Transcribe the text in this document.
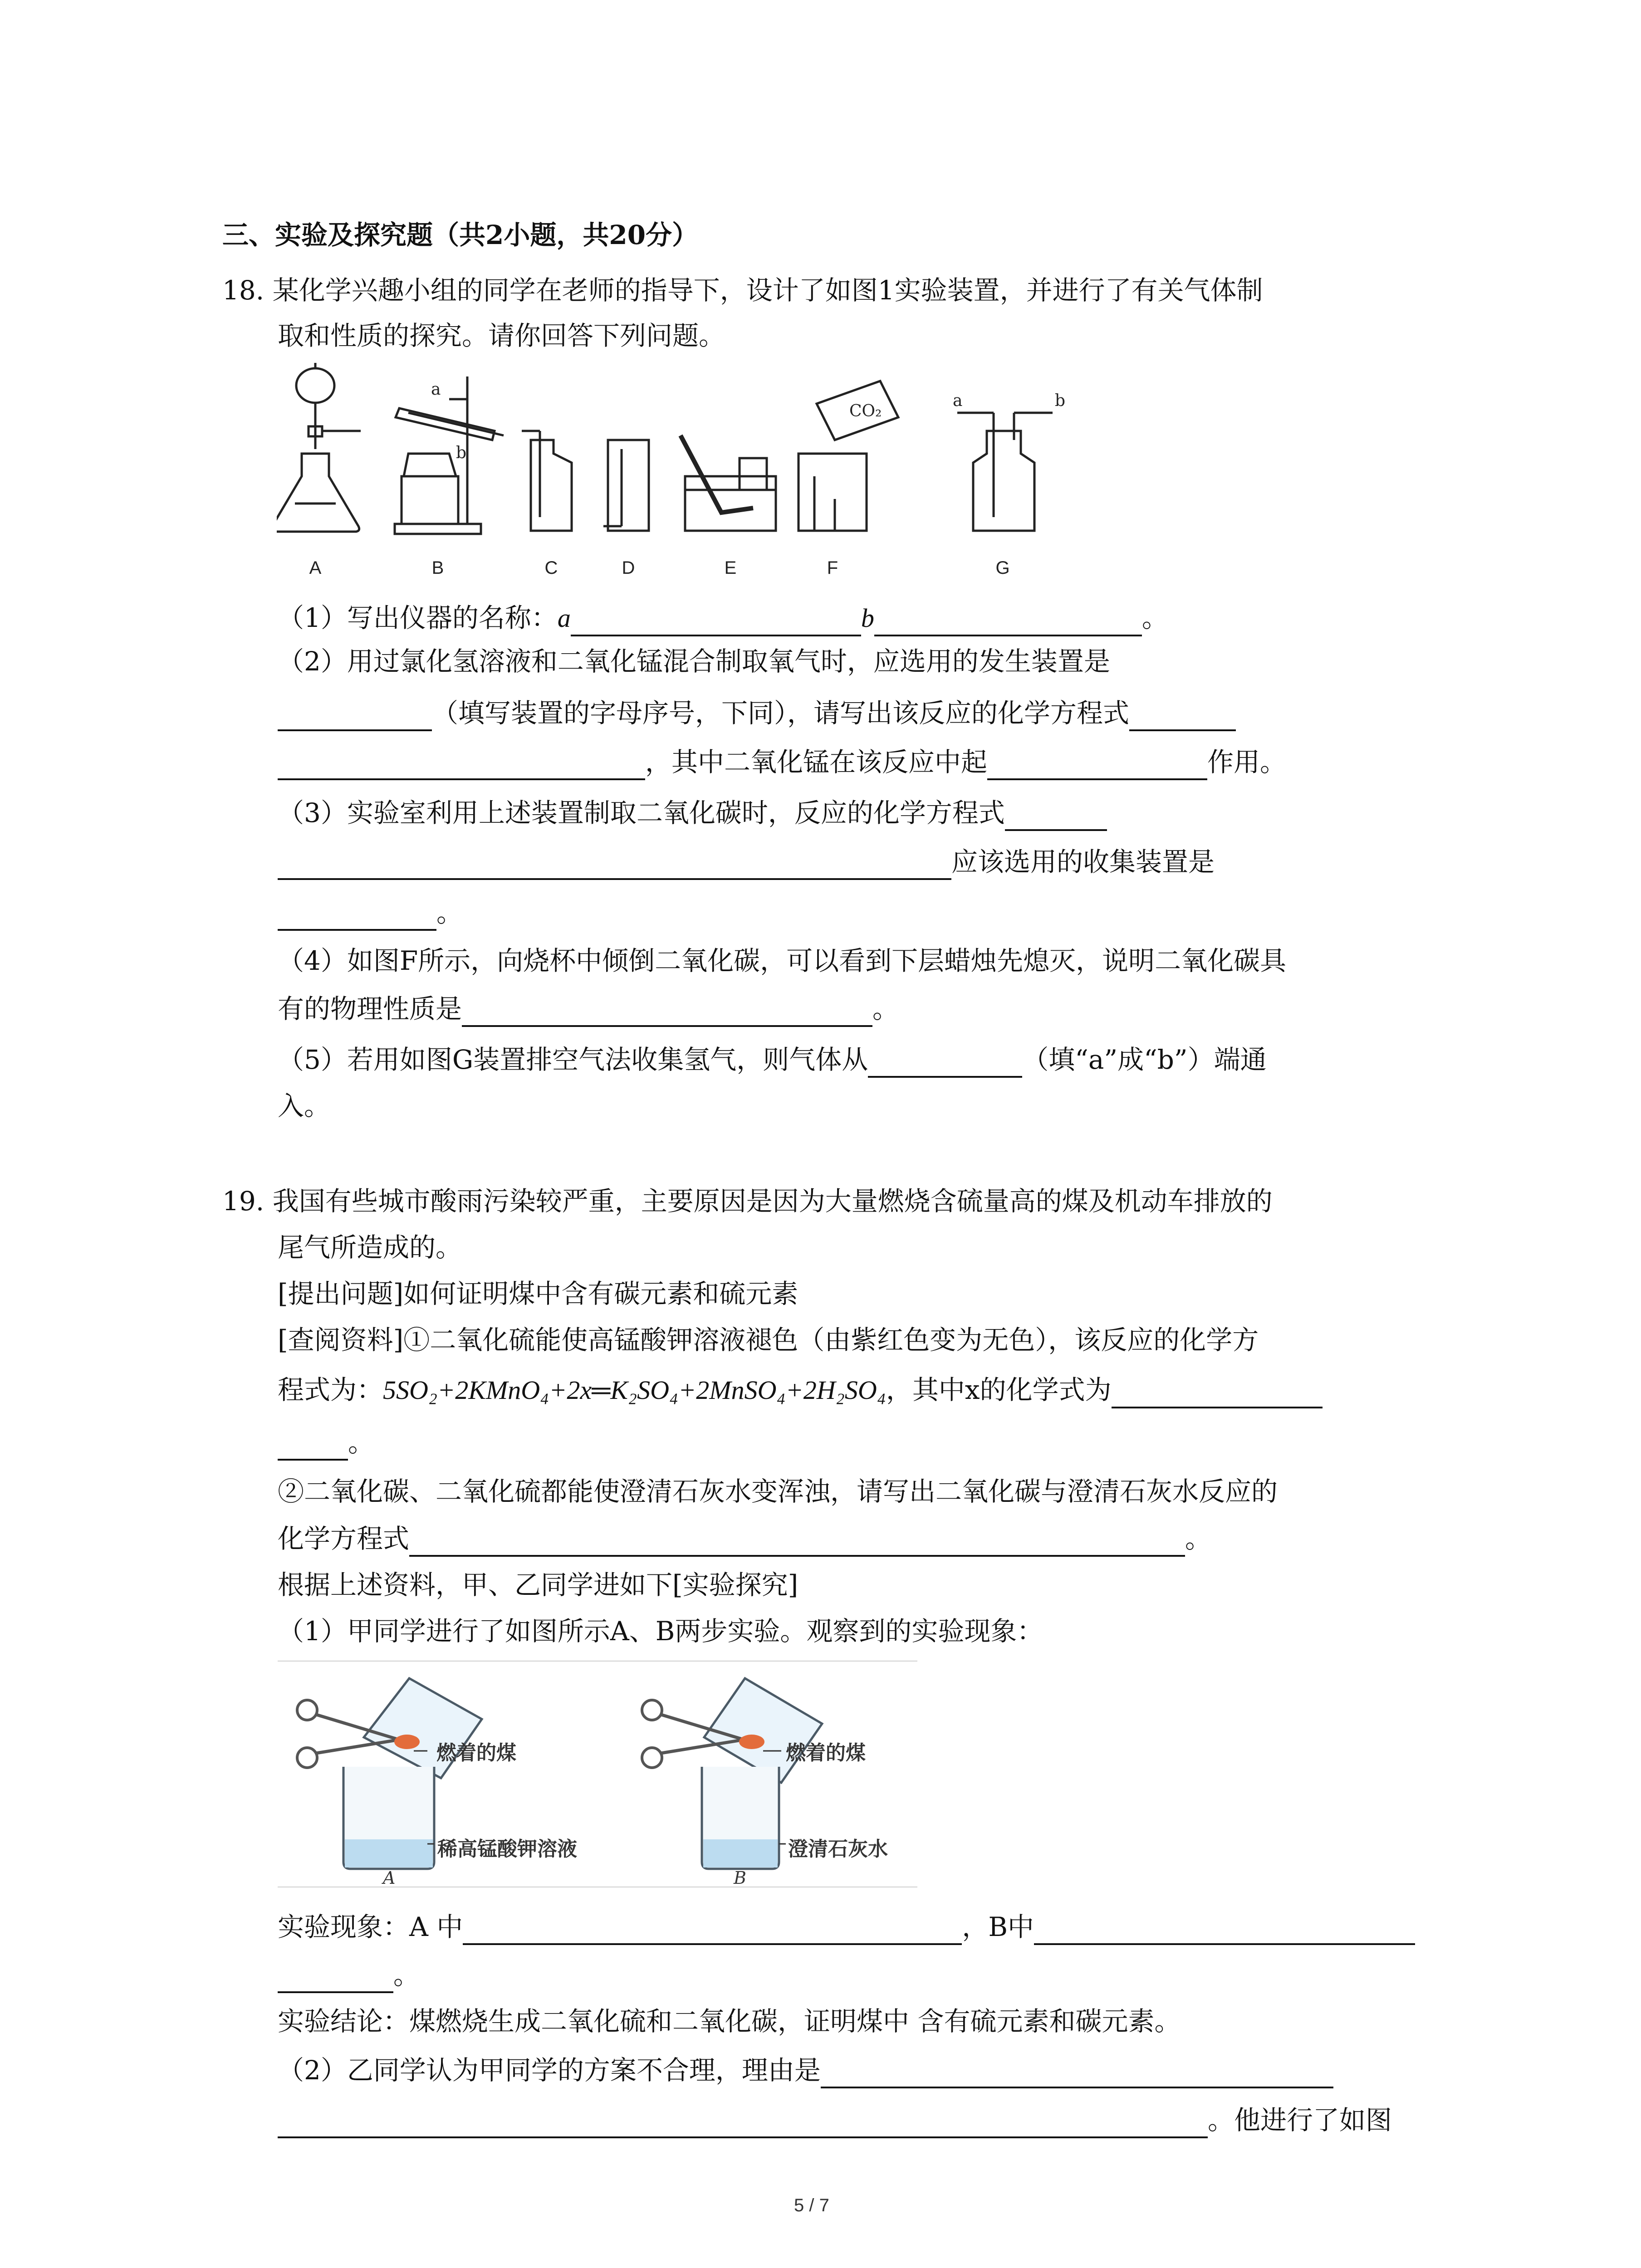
三、实验及探究题（共2小题，共20分）
18. 某化学兴趣小组的同学在老师的指导下，设计了如图1实验装置，并进行了有关气体制
取和性质的探究。请你回答下列问题。
a
b
CO₂
a	b
A	B	C	D	E	F	G
（1）写出仪器的名称：a	b	。
（2）用过氯化氢溶液和二氧化锰混合制取氧气时，应选用的发生装置是
（填写装置的字母序号，下同），请写出该反应的化学方程式
，其中二氧化锰在该反应中起	作用。
（3）实验室利用上述装置制取二氧化碳时，反应的化学方程式
应该选用的收集装置是
。
（4）如图F所示，向烧杯中倾倒二氧化碳，可以看到下层蜡烛先熄灭，说明二氧化碳具
有的物理性质是	。
（5）若用如图G装置排空气法收集氢气，则气体从	（填“a”成“b”）端通
入。
19. 我国有些城市酸雨污染较严重，主要原因是因为大量燃烧含硫量高的煤及机动车排放的
尾气所造成的。
[提出问题]如何证明煤中含有碳元素和硫元素
[查阅资料]①二氧化硫能使高锰酸钾溶液褪色（由紫红色变为无色），该反应的化学方
程式为：5SO₂+2KMnO₄+2x═K₂SO₄+2MnSO₄+2H₂SO₄，其中x的化学式为
。
②二氧化碳、二氧化硫都能使澄清石灰水变浑浊，请写出二氧化碳与澄清石灰水反应的
化学方程式	。
根据上述资料，甲、乙同学进如下[实验探究]
（1）甲同学进行了如图所示A、B两步实验。观察到的实验现象：
燃着的煤
稀高锰酸钾溶液
燃着的煤
澄清石灰水
A	B
实验现象：A 中	，B中
。
实验结论：煤燃烧生成二氧化硫和二氧化碳，证明煤中 含有硫元素和碳元素。
（2）乙同学认为甲同学的方案不合理，理由是
。他进行了如图
5 / 7
